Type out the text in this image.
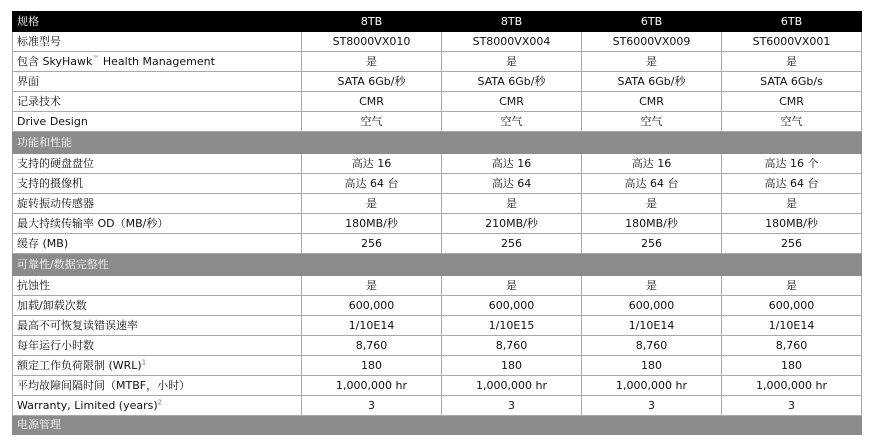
规格	8TB	8TB	6TB	6TB
标准型号	ST8000VX010	ST8000VX004	ST6000VX009	ST6000VX001
包含 SkyHawk™ Health Management	是	是	是	是
界面	SATA 6Gb/秒	SATA 6Gb/秒	SATA 6Gb/秒	SATA 6Gb/s
记录技术	CMR	CMR	CMR	CMR
Drive Design	空气	空气	空气	空气
功能和性能				
支持的硬盘盘位	高达 16	高达 16	高达 16	高达 16 个
支持的摄像机	高达 64 台	高达 64	高达 64 台	高达 64 台
旋转振动传感器	是	是	是	是
最大持续传输率 OD（MB/秒）	180MB/秒	210MB/秒	180MB/秒	180MB/秒
缓存 (MB)	256	256	256	256
可靠性/数据完整性				
抗蚀性	是	是	是	是
加载/卸载次数	600,000	600,000	600,000	600,000
最高不可恢复读错误速率	1/10E14	1/10E15	1/10E14	1/10E14
每年运行小时数	8,760	8,760	8,760	8,760
额定工作负荷限制 (WRL)$^1$	180	180	180	180
平均故障间隔时间（MTBF，小时）	1,000,000 hr	1,000,000 hr	1,000,000 hr	1,000,000 hr
Warranty, Limited (years)$^2$	3	3	3	3
电源管理				
